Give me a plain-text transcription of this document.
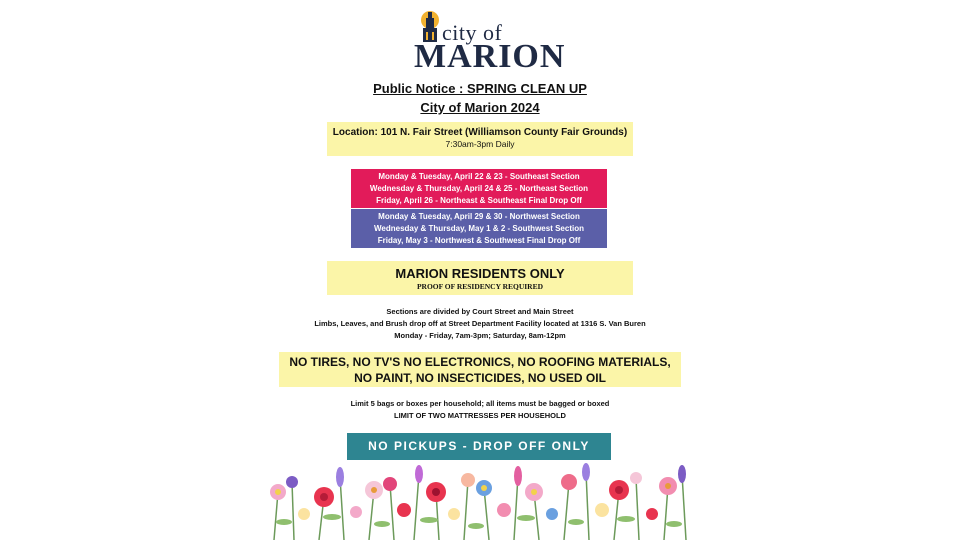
city of
MARION
Public Notice : SPRING CLEAN UP
City of Marion 2024
Location: 101 N. Fair Street (Williamson County Fair Grounds)
7:30am-3pm Daily
Monday & Tuesday, April 22 & 23 - Southeast Section
Wednesday & Thursday, April 24 & 25 - Northeast Section
Friday, April 26 - Northeast & Southeast Final Drop Off
Monday & Tuesday, April 29 & 30 - Northwest Section
Wednesday & Thursday, May 1 & 2 - Southwest Section
Friday, May 3 - Northwest & Southwest Final Drop Off
MARION RESIDENTS ONLY
PROOF OF RESIDENCY REQUIRED
Sections are divided by Court Street and Main Street
Limbs, Leaves, and Brush drop off at Street Department Facility located at 1316 S. Van Buren
Monday - Friday, 7am-3pm; Saturday, 8am-12pm
NO TIRES, NO TV'S NO ELECTRONICS, NO ROOFING MATERIALS,
NO PAINT, NO INSECTICIDES, NO USED OIL
Limit 5 bags or boxes per household; all items must be bagged or boxed
LIMIT OF TWO MATTRESSES PER HOUSEHOLD
NO PICKUPS - DROP OFF ONLY
